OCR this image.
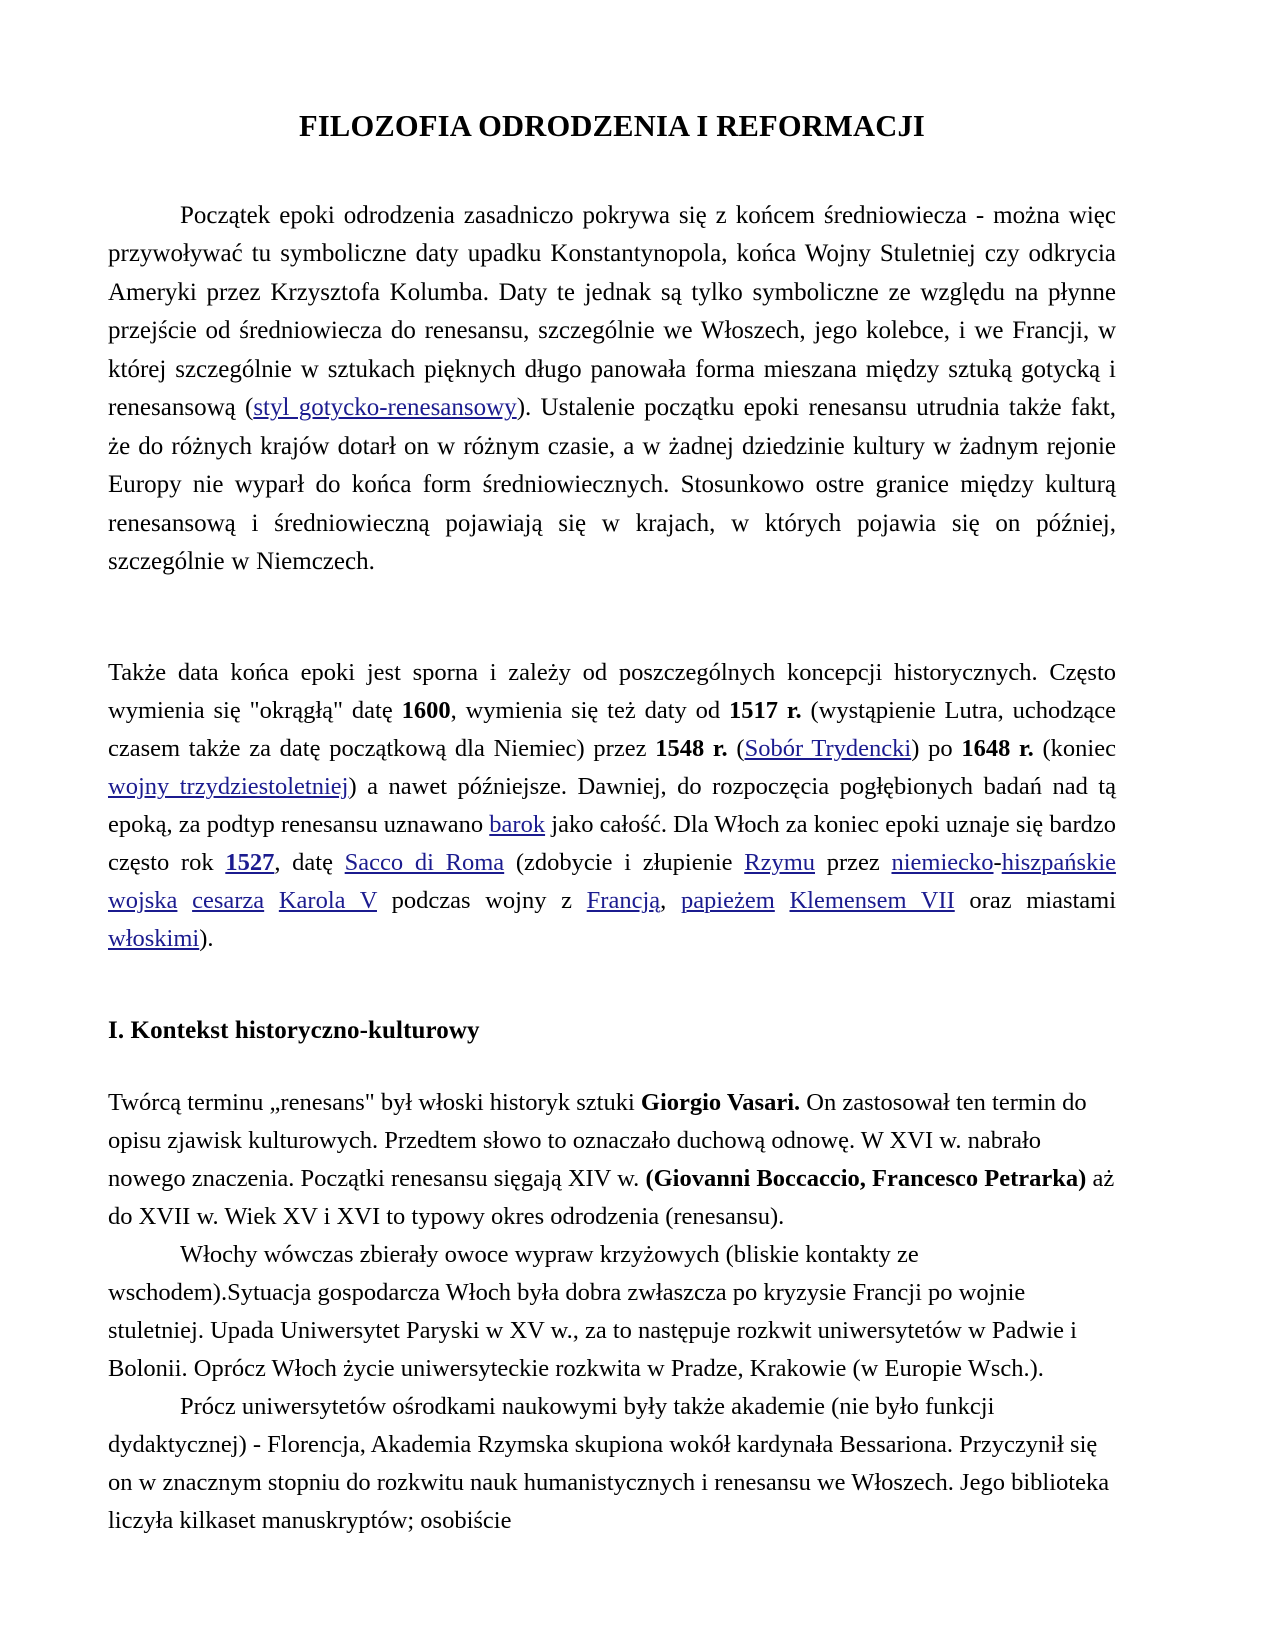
FILOZOFIA ODRODZENIA I REFORMACJI

Początek epoki odrodzenia zasadniczo pokrywa się z końcem średniowiecza - można więc przywoływać tu symboliczne daty upadku Konstantynopola, końca Wojny Stuletniej czy odkrycia Ameryki przez Krzysztofa Kolumba. Daty te jednak są tylko symboliczne ze względu na płynne przejście od średniowiecza do renesansu, szczególnie we Włoszech, jego kolebce, i we Francji, w której szczególnie w sztukach pięknych długo panowała forma mieszana między sztuką gotycką i renesansową (styl gotycko-renesansowy). Ustalenie początku epoki renesansu utrudnia także fakt, że do różnych krajów dotarł on w różnym czasie, a w żadnej dziedzinie kultury w żadnym rejonie Europy nie wyparł do końca form średniowiecznych. Stosunkowo ostre granice między kulturą renesansową i średniowieczną pojawiają się w krajach, w których pojawia się on później, szczególnie w Niemczech.

Także data końca epoki jest sporna i zależy od poszczególnych koncepcji historycznych. Często wymienia się "okrągłą" datę 1600, wymienia się też daty od 1517 r. (wystąpienie Lutra, uchodzące czasem także za datę początkową dla Niemiec) przez 1548 r. (Sobór Trydencki) po 1648 r. (koniec wojny trzydziestoletniej) a nawet późniejsze. Dawniej, do rozpoczęcia pogłębionych badań nad tą epoką, za podtyp renesansu uznawano barok jako całość. Dla Włoch za koniec epoki uznaje się bardzo często rok 1527, datę Sacco di Roma (zdobycie i złupienie Rzymu przez niemiecko-hiszpańskie wojska cesarza Karola V podczas wojny z Francją, papieżem Klemensem VII oraz miastami włoskimi).

I. Kontekst historyczno-kulturowy

Twórcą terminu „renesans" był włoski historyk sztuki Giorgio Vasari. On zastosował ten termin do opisu zjawisk kulturowych. Przedtem słowo to oznaczało duchową odnowę. W XVI w. nabrało nowego znaczenia. Początki renesansu sięgają XIV w. (Giovanni Boccaccio, Francesco Petrarka) aż do XVII w. Wiek XV i XVI to typowy okres odrodzenia (renesansu).

Włochy wówczas zbierały owoce wypraw krzyżowych (bliskie kontakty ze wschodem).Sytuacja gospodarcza Włoch była dobra zwłaszcza po kryzysie Francji po wojnie stuletniej. Upada Uniwersytet Paryski w XV w., za to następuje rozkwit uniwersytetów w Padwie i Bolonii. Oprócz Włoch życie uniwersyteckie rozkwita w Pradze, Krakowie (w Europie Wsch.).

Prócz uniwersytetów ośrodkami naukowymi były także akademie (nie było funkcji dydaktycznej) - Florencja, Akademia Rzymska skupiona wokół kardynała Bessariona. Przyczynił się on w znacznym stopniu do rozkwitu nauk humanistycznych i renesansu we Włoszech. Jego biblioteka liczyła kilkaset manuskryptów; osobiście
